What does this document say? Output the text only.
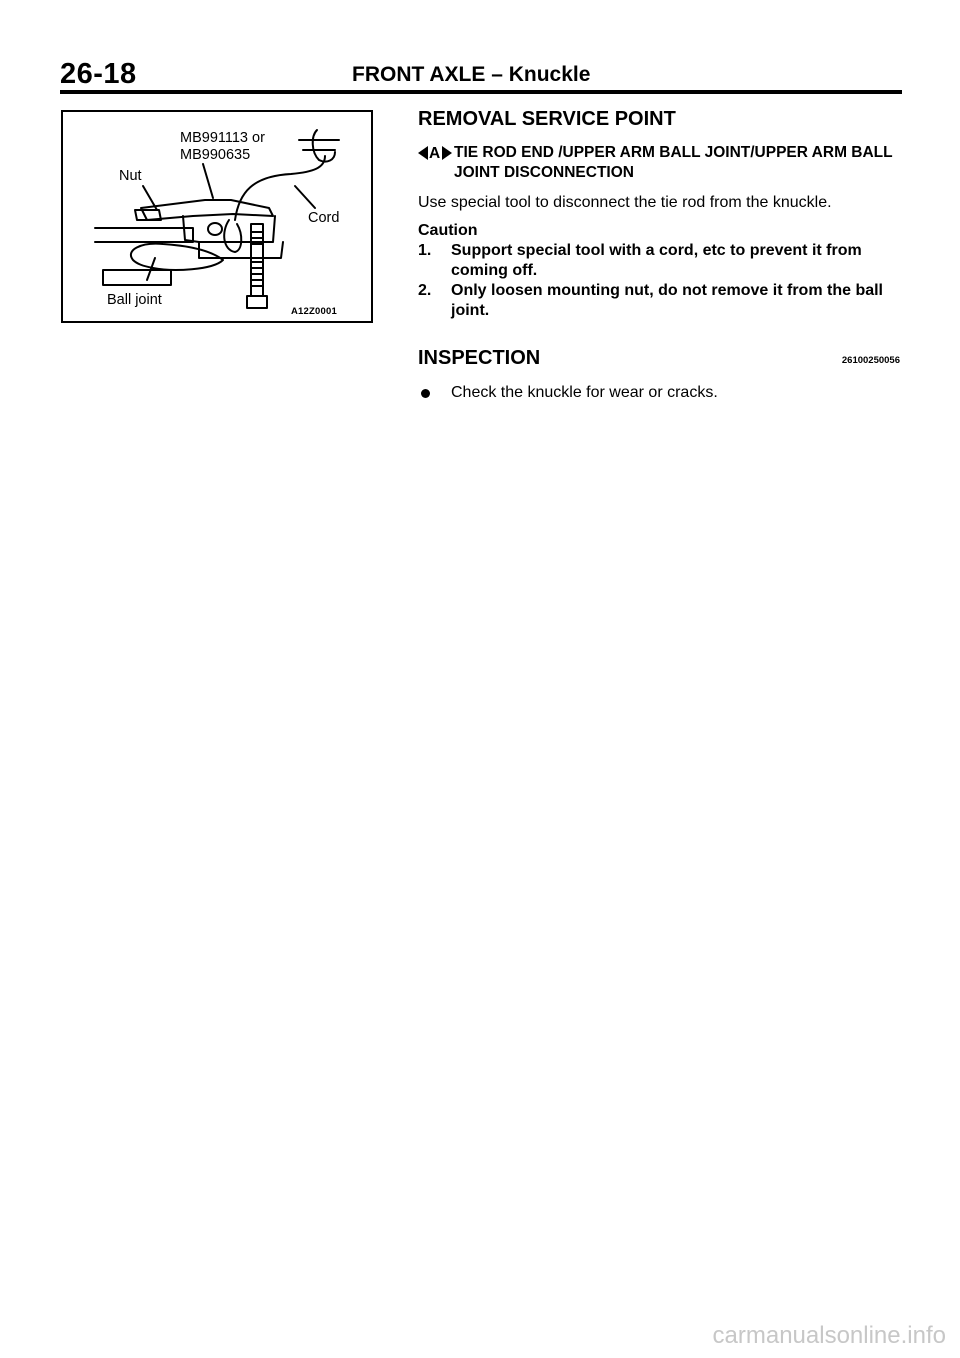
26-18	FRONT AXLE – Knuckle
MB991113 or MB990635
Nut
Cord
Ball joint
A12Z0001
REMOVAL SERVICE POINT
A TIE ROD END /UPPER ARM BALL JOINT/UPPER ARM BALL JOINT DISCONNECTION
Use special tool to disconnect the tie rod from the knuckle.
Caution
1. Support special tool with a cord, etc to prevent it from coming off.
2. Only loosen mounting nut, do not remove it from the ball joint.
INSPECTION	26100250056
Check the knuckle for wear or cracks.
carmanualsonline.info
